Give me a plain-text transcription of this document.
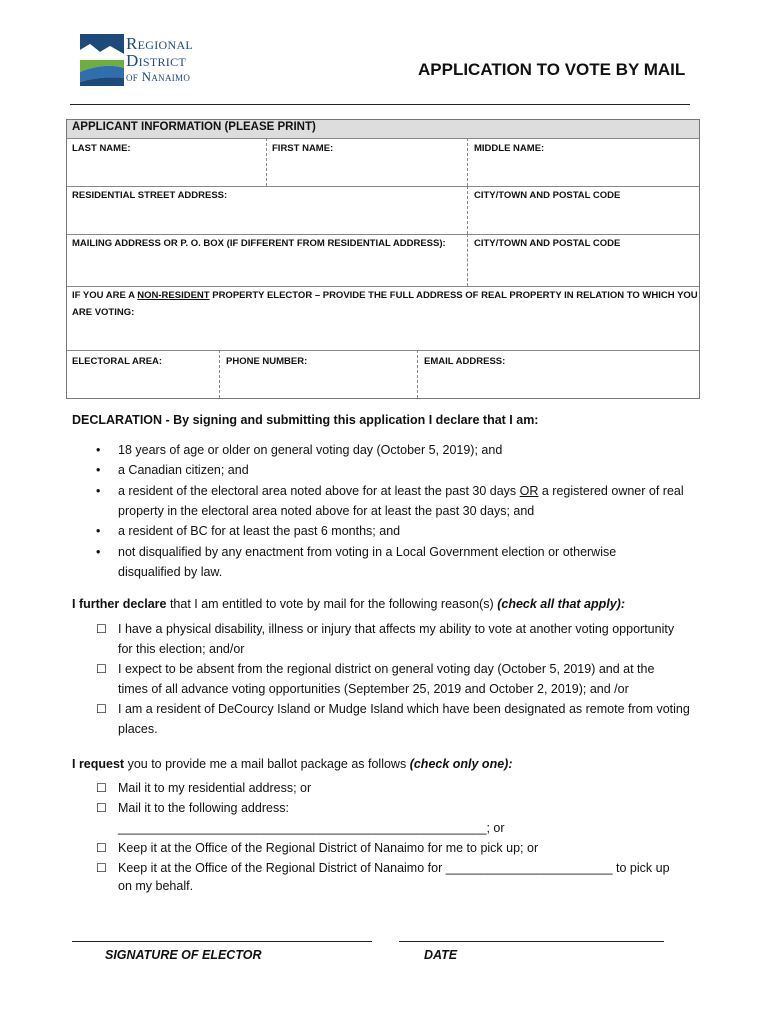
Regional
District
of Nanaimo	APPLICATION TO VOTE BY MAIL
APPLICANT INFORMATION (PLEASE PRINT)
LAST NAME:	FIRST NAME:	MIDDLE NAME:
RESIDENTIAL STREET ADDRESS:	CITY/TOWN AND POSTAL CODE
MAILING ADDRESS OR P. O. BOX (IF DIFFERENT FROM RESIDENTIAL ADDRESS):	CITY/TOWN AND POSTAL CODE
IF YOU ARE A NON-RESIDENT PROPERTY ELECTOR – PROVIDE THE FULL ADDRESS OF REAL PROPERTY IN RELATION TO WHICH YOU
ARE VOTING:
ELECTORAL AREA:	PHONE NUMBER:	EMAIL ADDRESS:
DECLARATION - By signing and submitting this application I declare that I am:
• 18 years of age or older on general voting day (October 5, 2019); and
• a Canadian citizen; and
• a resident of the electoral area noted above for at least the past 30 days OR a registered owner of real
property in the electoral area noted above for at least the past 30 days; and
• a resident of BC for at least the past 6 months; and
• not disqualified by any enactment from voting in a Local Government election or otherwise
disqualified by law.
I further declare that I am entitled to vote by mail for the following reason(s) (check all that apply):
☐ I have a physical disability, illness or injury that affects my ability to vote at another voting opportunity
for this election; and/or
☐ I expect to be absent from the regional district on general voting day (October 5, 2019) and at the
times of all advance voting opportunities (September 25, 2019 and October 2, 2019); and /or
☐ I am a resident of DeCourcy Island or Mudge Island which have been designated as remote from voting
places.
I request you to provide me a mail ballot package as follows (check only one):
☐ Mail it to my residential address; or
☐ Mail it to the following address:
_____________________________________________________; or
☐ Keep it at the Office of the Regional District of Nanaimo for me to pick up; or
☐ Keep it at the Office of the Regional District of Nanaimo for ________________________ to pick up
on my behalf.
SIGNATURE OF ELECTOR	DATE
